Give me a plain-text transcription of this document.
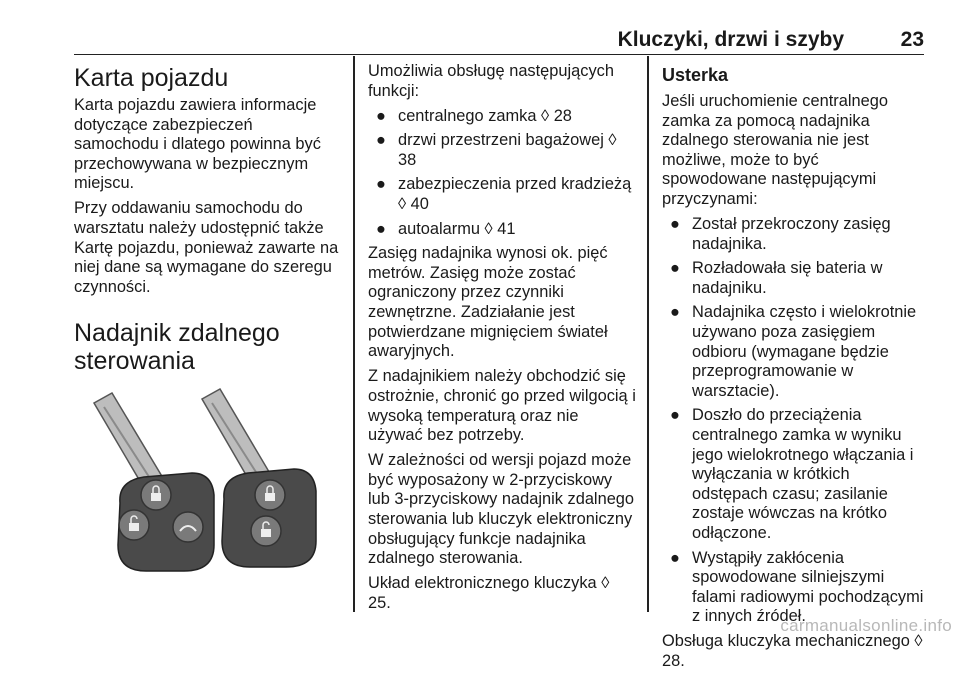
Kluczyki, drzwi i szyby	23
Karta pojazdu

Karta pojazdu zawiera informacje dotyczące zabezpieczeń samochodu i dlatego powinna być przechowywana w bezpiecznym miejscu.

Przy oddawaniu samochodu do warsztatu należy udostępnić także Kartę pojazdu, ponieważ zawarte na niej dane są wymagane do szeregu czynności.

Nadajnik zdalnego sterowania

Umożliwia obsługę następujących funkcji:

● centralnego zamka ◊ 28
● drzwi przestrzeni bagażowej ◊ 38
● zabezpieczenia przed kradzieżą ◊ 40
● autoalarmu ◊ 41

Zasięg nadajnika wynosi ok. pięć metrów. Zasięg może zostać ograniczony przez czynniki zewnętrzne. Zadziałanie jest potwierdzane mignięciem świateł awaryjnych.

Z nadajnikiem należy obchodzić się ostrożnie, chronić go przed wilgocią i wysoką temperaturą oraz nie używać bez potrzeby.

W zależności od wersji pojazd może być wyposażony w 2-przyciskowy lub 3-przyciskowy nadajnik zdalnego sterowania lub kluczyk elektroniczny obsługujący funkcje nadajnika zdalnego sterowania.

Układ elektronicznego kluczyka ◊ 25.

Usterka

Jeśli uruchomienie centralnego zamka za pomocą nadajnika zdalnego sterowania nie jest możliwe, może to być spowodowane następującymi przyczynami:

● Został przekroczony zasięg nadajnika.
● Rozładowała się bateria w nadajniku.
● Nadajnika często i wielokrotnie używano poza zasięgiem odbioru (wymagane będzie przeprogramowanie w warsztacie).
● Doszło do przeciążenia centralnego zamka w wyniku jego wielokrotnego włączania i wyłączania w krótkich odstępach czasu; zasilanie zostaje wówczas na krótko odłączone.
● Wystąpiły zakłócenia spowodowane silniejszymi falami radiowymi pochodzącymi z innych źródeł.

Obsługa kluczyka mechanicznego ◊ 28.

carmanualsonline.info
